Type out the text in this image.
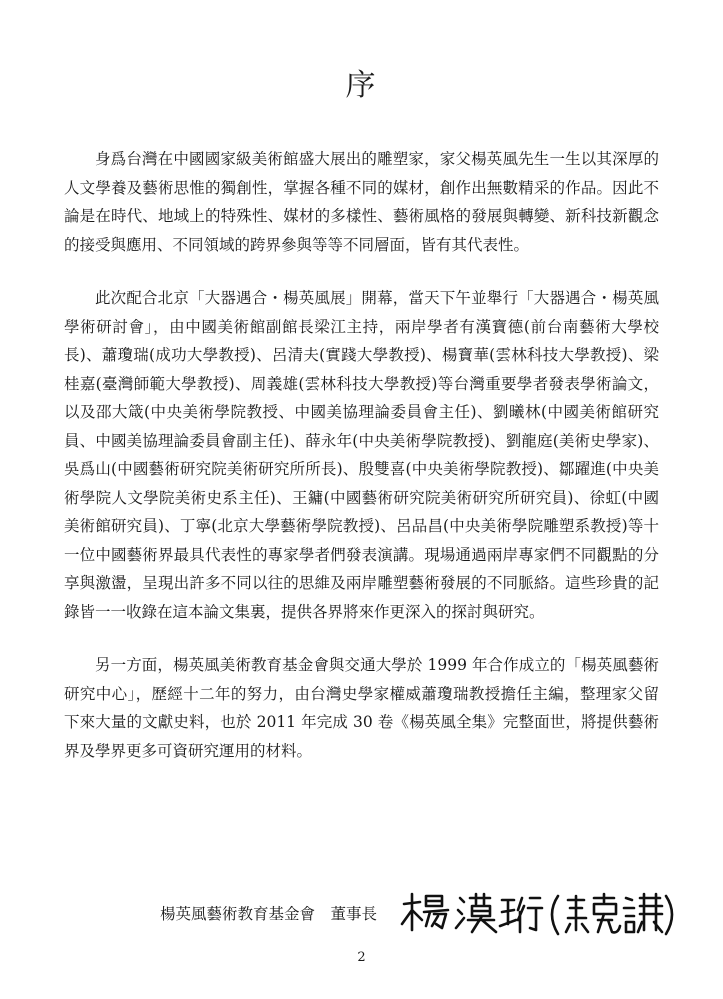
序

身爲台灣在中國國家級美術館盛大展出的雕塑家，家父楊英風先生一生以其深厚的人文學養及藝術思惟的獨創性，掌握各種不同的媒材，創作出無數精采的作品。因此不論是在時代、地域上的特殊性、媒材的多樣性、藝術風格的發展與轉變、新科技新觀念的接受與應用、不同領域的跨界參與等等不同層面，皆有其代表性。

此次配合北京「大器遇合・楊英風展」開幕，當天下午並舉行「大器遇合・楊英風學術研討會」，由中國美術館副館長梁江主持，兩岸學者有漢寶德(前台南藝術大學校長)、蕭瓊瑞(成功大學教授)、呂清夫(實踐大學教授)、楊寶華(雲林科技大學教授)、梁桂嘉(臺灣師範大學教授)、周義雄(雲林科技大學教授)等台灣重要學者發表學術論文，以及邵大箴(中央美術學院教授、中國美協理論委員會主任)、劉曦林(中國美術館研究員、中國美協理論委員會副主任)、薛永年(中央美術學院教授)、劉龍庭(美術史學家)、吳爲山(中國藝術研究院美術研究所所長)、殷雙喜(中央美術學院教授)、鄒躍進(中央美術學院人文學院美術史系主任)、王鏞(中國藝術研究院美術研究所研究員)、徐虹(中國美術館研究員)、丁寧(北京大學藝術學院教授)、呂品昌(中央美術學院雕塑系教授)等十一位中國藝術界最具代表性的專家學者們發表演講。現場通過兩岸專家們不同觀點的分享與激盪，呈現出許多不同以往的思維及兩岸雕塑藝術發展的不同脈絡。這些珍貴的記錄皆一一收錄在這本論文集裏，提供各界將來作更深入的探討與研究。

另一方面，楊英風美術教育基金會與交通大學於 1999 年合作成立的「楊英風藝術研究中心」，歷經十二年的努力，由台灣史學家權威蕭瓊瑞教授擔任主編，整理家父留下來大量的文獻史料，也於 2011 年完成 30 卷《楊英風全集》完整面世，將提供藝術界及學界更多可資研究運用的材料。

楊英風藝術教育基金會　董事長
2
